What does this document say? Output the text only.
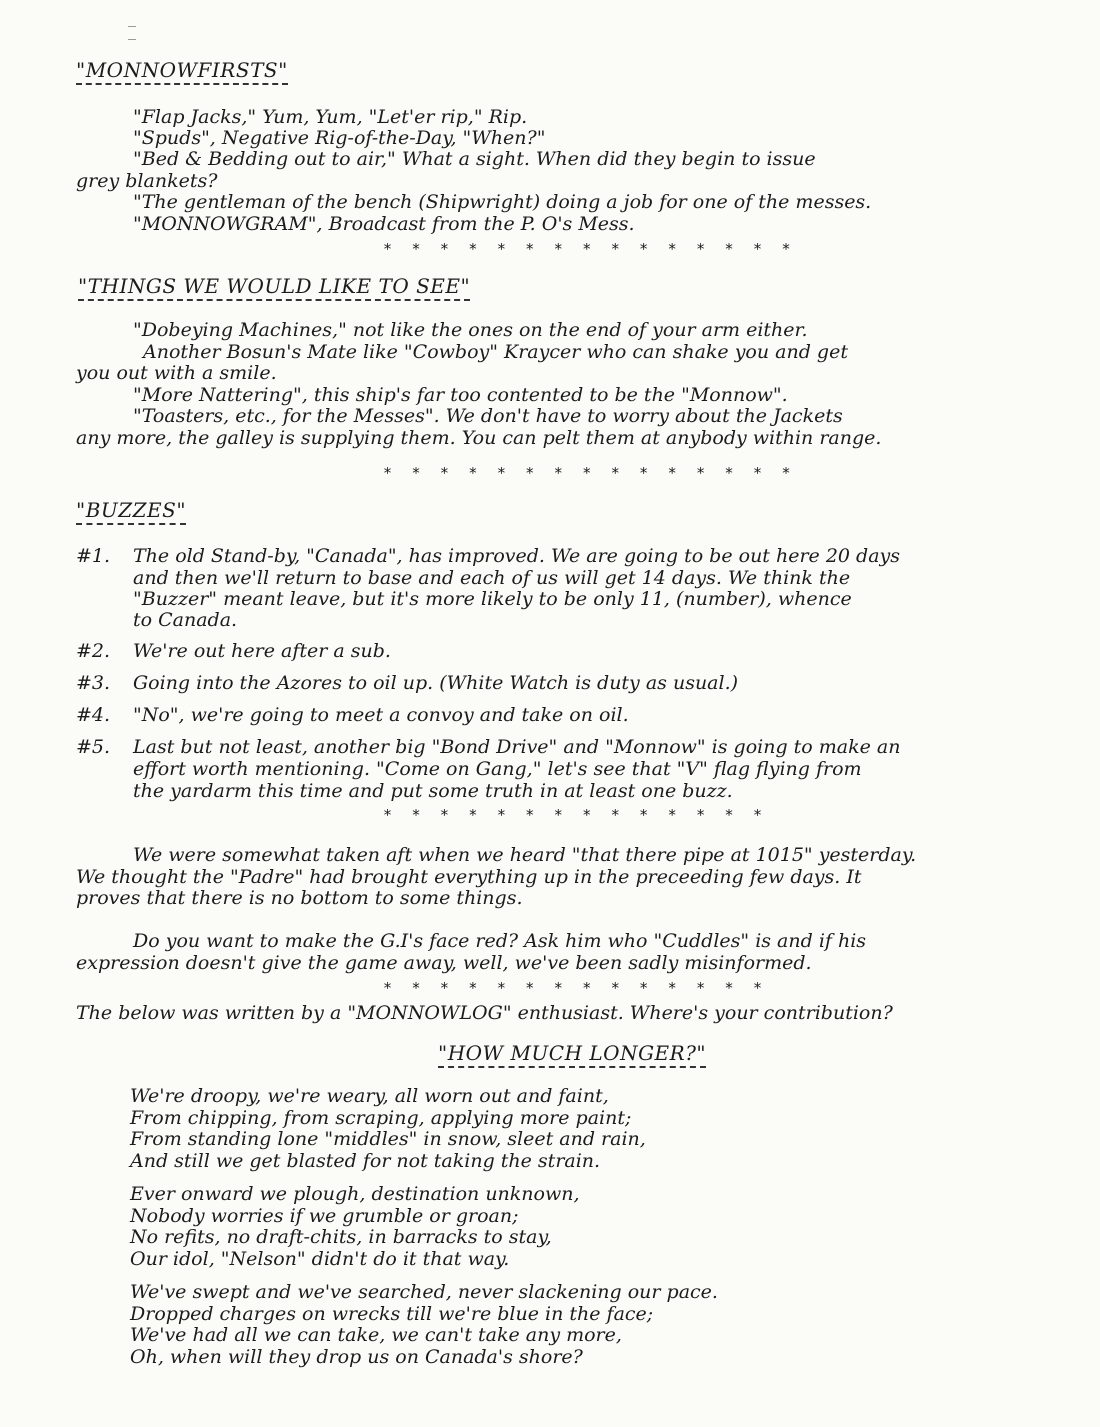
"MONNOWFIRSTS"
"Flap Jacks," Yum, Yum, "Let'er rip," Rip.
"Spuds", Negative Rig-of-the-Day, "When?"
"Bed & Bedding out to air," What a sight. When did they begin to issue
grey blankets?
"The gentleman of the bench (Shipwright) doing a job for one of the messes.
"MONNOWGRAM", Broadcast from the P. O's Mess.
* * * * * * * * * * * * * * *
"THINGS WE WOULD LIKE TO SEE"
"Dobeying Machines," not like the ones on the end of your arm either.
Another Bosun's Mate like "Cowboy" Kraycer who can shake you and get
you out with a smile.
"More Nattering", this ship's far too contented to be the "Monnow".
"Toasters, etc., for the Messes". We don't have to worry about the Jackets
any more, the galley is supplying them. You can pelt them at anybody within range.
* * * * * * * * * * * * * * *
"BUZZES"
#1. The old Stand-by, "Canada", has improved. We are going to be out here 20 days
and then we'll return to base and each of us will get 14 days. We think the
"Buzzer" meant leave, but it's more likely to be only 11, (number), whence
to Canada.
#2. We're out here after a sub.
#3. Going into the Azores to oil up. (White Watch is duty as usual.)
#4. "No", we're going to meet a convoy and take on oil.
#5. Last but not least, another big "Bond Drive" and "Monnow" is going to make an
effort worth mentioning. "Come on Gang," let's see that "V" flag flying from
the yardarm this time and put some truth in at least one buzz.
* * * * * * * * * * * * * *
We were somewhat taken aft when we heard "that there pipe at 1015" yesterday.
We thought the "Padre" had brought everything up in the preceeding few days. It
proves that there is no bottom to some things.
Do you want to make the G.I's face red? Ask him who "Cuddles" is and if his
expression doesn't give the game away, well, we've been sadly misinformed.
* * * * * * * * * * * * * *
The below was written by a "MONNOWLOG" enthusiast. Where's your contribution?
"HOW MUCH LONGER?"
We're droopy, we're weary, all worn out and faint,
From chipping, from scraping, applying more paint;
From standing lone "middles" in snow, sleet and rain,
And still we get blasted for not taking the strain.
Ever onward we plough, destination unknown,
Nobody worries if we grumble or groan;
No refits, no draft-chits, in barracks to stay,
Our idol, "Nelson" didn't do it that way.
We've swept and we've searched, never slackening our pace.
Dropped charges on wrecks till we're blue in the face;
We've had all we can take, we can't take any more,
Oh, when will they drop us on Canada's shore?
